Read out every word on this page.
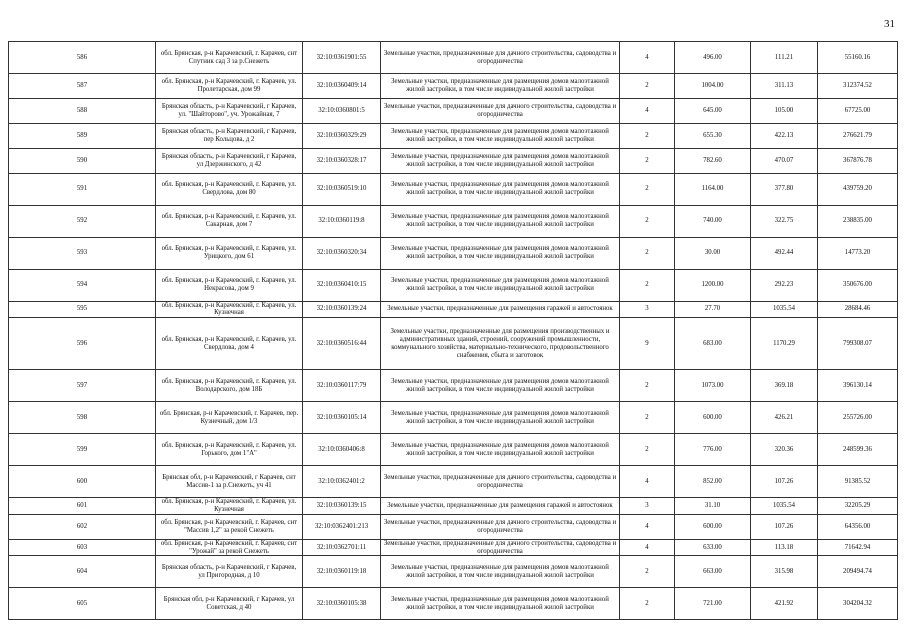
31
586	обл. Брянская, р-н Карачевский, г. Карачев, снт Спутник сад 3 за р.Снежеть	32:10:0361901:55	Земельные участки, предназначенные для дачного строительства, садоводства и огородничества	4	496.00	111.21	55160.16
587	обл. Брянская, р-н Карачевский, г. Карачев, ул. Пролетарская, дом 99	32:10:0360409:14	Земельные участки, предназначенные для размещения домов малоэтажной жилой застройки, в том числе индивидуальной жилой застройки	2	1004.00	311.13	312374.52
588	Брянская область, р-н Карачевский, г Карачев, ул. "Шайторово", уч. Урожайная, 7	32:10:0360801:5	Земельные участки, предназначенные для дачного строительства, садоводства и огородничества	4	645.00	105.00	67725.00
589	Брянская область, р-н Карачевский, г Карачев, пер Кольцова, д 2	32:10:0360329:29	Земельные участки, предназначенные для размещения домов малоэтажной жилой застройки, в том числе индивидуальной жилой застройки	2	655.30	422.13	276621.79
590	Брянская область, р-н Карачевский, г Карачев, ул Дзержинского, д 42	32:10:0360328:17	Земельные участки, предназначенные для размещения домов малоэтажной жилой застройки, в том числе индивидуальной жилой застройки	2	782.60	470.07	367876.78
591	обл. Брянская, р-н Карачевский, г. Карачев, ул. Свердлова, дом 80	32:10:0360519:10	Земельные участки, предназначенные для размещения домов малоэтажной жилой застройки, в том числе индивидуальной жилой застройки	2	1164.00	377.80	439759.20
592	обл. Брянская, р-н Карачевский, г. Карачев, ул. Сакарная, дом 7	32:10:0360119:8	Земельные участки, предназначенные для размещения домов малоэтажной жилой застройки, в том числе индивидуальной жилой застройки	2	740.00	322.75	238835.00
593	обл. Брянская, р-н Карачевский, г. Карачев, ул. Урицкого, дом 61	32:10:0360320:34	Земельные участки, предназначенные для размещения домов малоэтажной жилой застройки, в том числе индивидуальной жилой застройки	2	30.00	492.44	14773.20
594	обл. Брянская, р-н Карачевский, г. Карачев, ул. Некрасова, дом 9	32:10:0360410:15	Земельные участки, предназначенные для размещения домов малоэтажной жилой застройки, в том числе индивидуальной жилой застройки	2	1200.00	292.23	350676.00
595	обл. Брянская, р-н Карачевский, г. Карачев, ул. Кузнечная	32:10:0360139:24	Земельные участки, предназначенные для размещения гаражей и автостоянок	3	27.70	1035.54	28684.46
596	обл. Брянская, р-н Карачевский, г. Карачев, ул. Свердлова, дом 4	32:10:0360516:44	Земельные участки, предназначенные для размещения производственных и административных зданий, строений, сооружений промышленности, коммунального хозяйства, материально-технического, продовольственного снабжения, сбыта и заготовок	9	683.00	1170.29	799308.07
597	обл. Брянская, р-н Карачевский, г. Карачев, ул. Володарского, дом 18Б	32:10:0360117:79	Земельные участки, предназначенные для размещения домов малоэтажной жилой застройки, в том числе индивидуальной жилой застройки	2	1073.00	369.18	396130.14
598	обл. Брянская, р-н Карачевский, г. Карачев, пер. Кузнечный, дом 1/3	32:10:0360105:14	Земельные участки, предназначенные для размещения домов малоэтажной жилой застройки, в том числе индивидуальной жилой застройки	2	600.00	426.21	255726.00
599	обл. Брянская, р-н Карачевский, г. Карачев, ул. Горького, дом 1"А"	32:10:0360406:8	Земельные участки, предназначенные для размещения домов малоэтажной жилой застройки, в том числе индивидуальной жилой застройки	2	776.00	320.36	248599.36
600	Брянская обл, р-н Карачевский, г Карачев, снт Массив-1 за р.Снежеть, уч 41	32:10:0362401:2	Земельные участки, предназначенные для дачного строительства, садоводства и огородничества	4	852.00	107.26	91385.52
601	обл. Брянская, р-н Карачевский, г. Карачев, ул. Кузнечная	32:10:0360139:15	Земельные участки, предназначенные для размещения гаражей и автостоянок	3	31.10	1035.54	32205.29
602	обл. Брянская, р-н Карачевский, г. Карачев, снт "Массив 1,2" за рекой Снежеть	32:10:0362401:213	Земельные участки, предназначенные для дачного строительства, садоводства и огородничества	4	600.00	107.26	64356.00
603	обл. Брянская, р-н Карачевский, г. Карачев, снт "Урожай" за рекой Снежеть	32:10:0362701:11	Земельные участки, предназначенные для дачного строительства, садоводства и огородничества	4	633.00	113.18	71642.94
604	Брянская область, р-н Карачевский, г Карачев, ул Пригородная, д 10	32:10:0360119:18	Земельные участки, предназначенные для размещения домов малоэтажной жилой застройки, в том числе индивидуальной жилой застройки	2	663.00	315.98	209494.74
605	Брянская обл, р-н Карачевский, г Карачев, ул Советская, д 40	32:10:0360105:38	Земельные участки, предназначенные для размещения домов малоэтажной жилой застройки, в том числе индивидуальной жилой застройки	2	721.00	421.92	304204.32
